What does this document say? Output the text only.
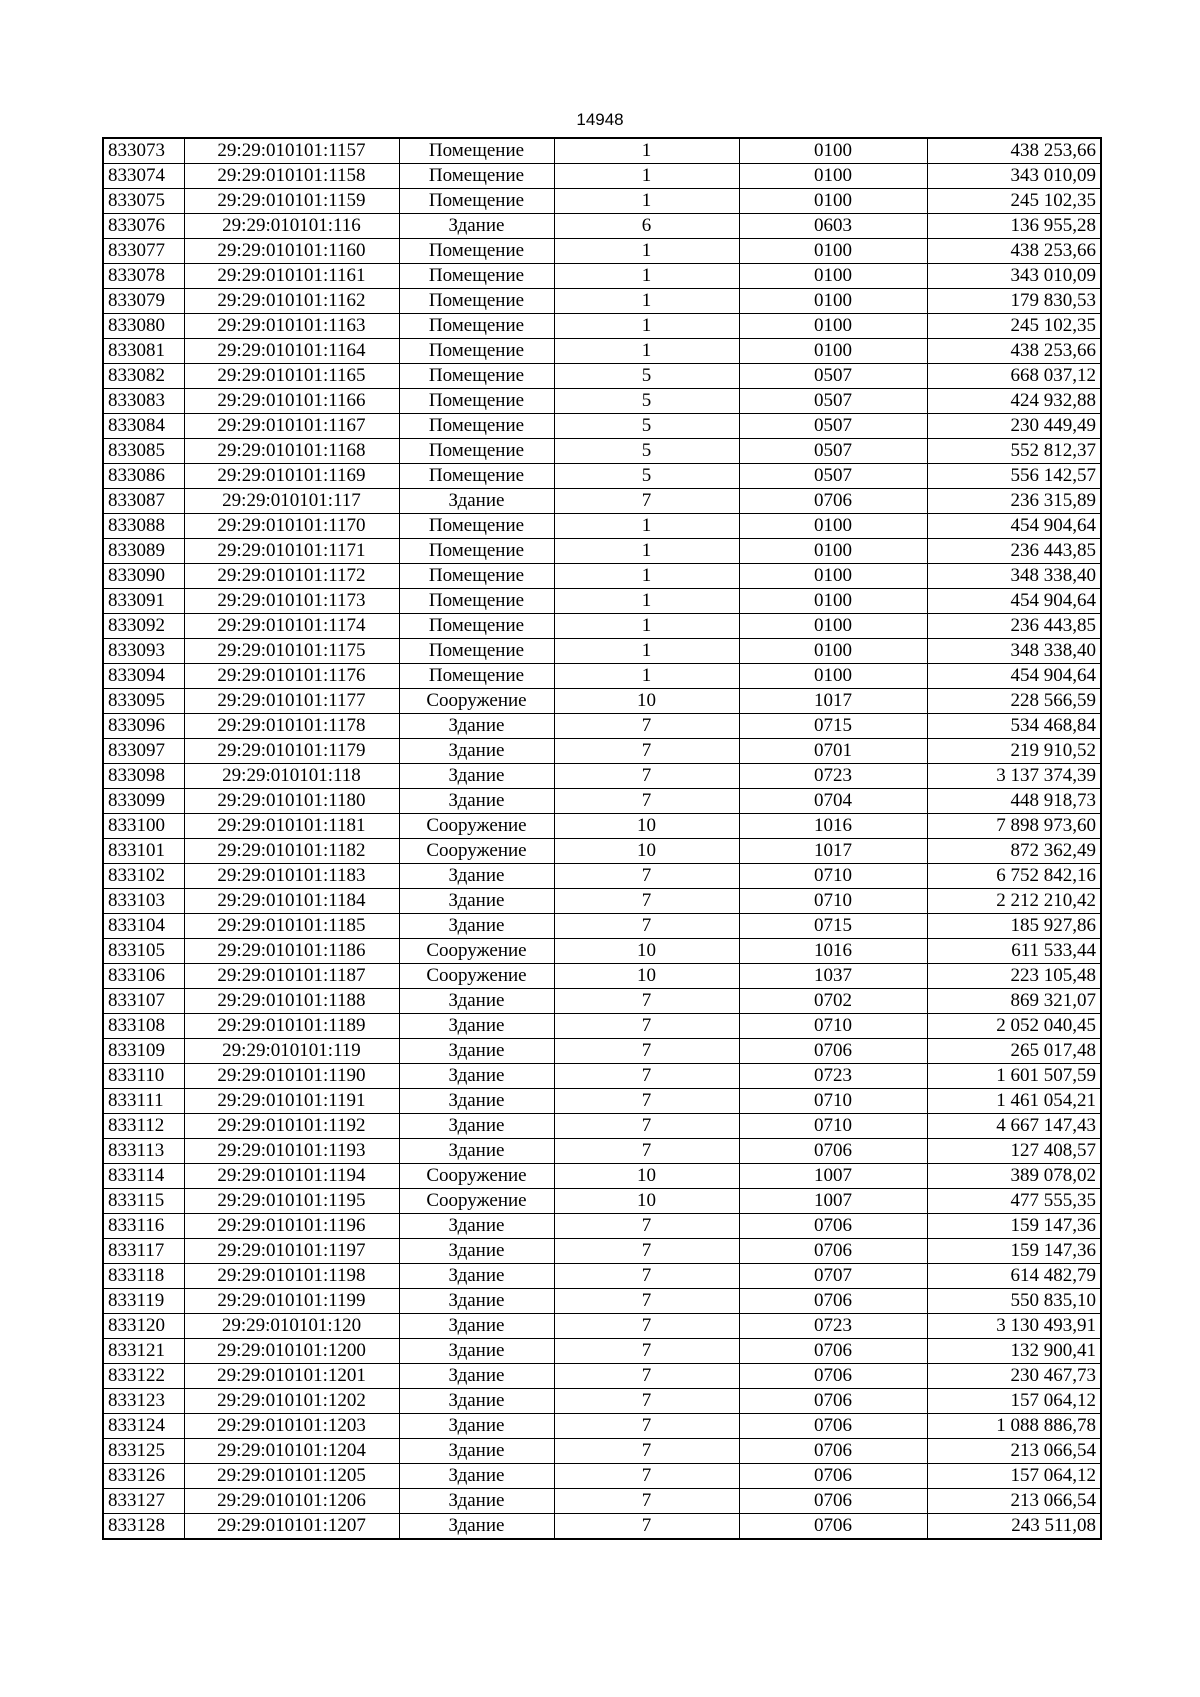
14948
833073	29:29:010101:1157	Помещение	1	0100	438 253,66
833074	29:29:010101:1158	Помещение	1	0100	343 010,09
833075	29:29:010101:1159	Помещение	1	0100	245 102,35
833076	29:29:010101:116	Здание	6	0603	136 955,28
833077	29:29:010101:1160	Помещение	1	0100	438 253,66
833078	29:29:010101:1161	Помещение	1	0100	343 010,09
833079	29:29:010101:1162	Помещение	1	0100	179 830,53
833080	29:29:010101:1163	Помещение	1	0100	245 102,35
833081	29:29:010101:1164	Помещение	1	0100	438 253,66
833082	29:29:010101:1165	Помещение	5	0507	668 037,12
833083	29:29:010101:1166	Помещение	5	0507	424 932,88
833084	29:29:010101:1167	Помещение	5	0507	230 449,49
833085	29:29:010101:1168	Помещение	5	0507	552 812,37
833086	29:29:010101:1169	Помещение	5	0507	556 142,57
833087	29:29:010101:117	Здание	7	0706	236 315,89
833088	29:29:010101:1170	Помещение	1	0100	454 904,64
833089	29:29:010101:1171	Помещение	1	0100	236 443,85
833090	29:29:010101:1172	Помещение	1	0100	348 338,40
833091	29:29:010101:1173	Помещение	1	0100	454 904,64
833092	29:29:010101:1174	Помещение	1	0100	236 443,85
833093	29:29:010101:1175	Помещение	1	0100	348 338,40
833094	29:29:010101:1176	Помещение	1	0100	454 904,64
833095	29:29:010101:1177	Сооружение	10	1017	228 566,59
833096	29:29:010101:1178	Здание	7	0715	534 468,84
833097	29:29:010101:1179	Здание	7	0701	219 910,52
833098	29:29:010101:118	Здание	7	0723	3 137 374,39
833099	29:29:010101:1180	Здание	7	0704	448 918,73
833100	29:29:010101:1181	Сооружение	10	1016	7 898 973,60
833101	29:29:010101:1182	Сооружение	10	1017	872 362,49
833102	29:29:010101:1183	Здание	7	0710	6 752 842,16
833103	29:29:010101:1184	Здание	7	0710	2 212 210,42
833104	29:29:010101:1185	Здание	7	0715	185 927,86
833105	29:29:010101:1186	Сооружение	10	1016	611 533,44
833106	29:29:010101:1187	Сооружение	10	1037	223 105,48
833107	29:29:010101:1188	Здание	7	0702	869 321,07
833108	29:29:010101:1189	Здание	7	0710	2 052 040,45
833109	29:29:010101:119	Здание	7	0706	265 017,48
833110	29:29:010101:1190	Здание	7	0723	1 601 507,59
833111	29:29:010101:1191	Здание	7	0710	1 461 054,21
833112	29:29:010101:1192	Здание	7	0710	4 667 147,43
833113	29:29:010101:1193	Здание	7	0706	127 408,57
833114	29:29:010101:1194	Сооружение	10	1007	389 078,02
833115	29:29:010101:1195	Сооружение	10	1007	477 555,35
833116	29:29:010101:1196	Здание	7	0706	159 147,36
833117	29:29:010101:1197	Здание	7	0706	159 147,36
833118	29:29:010101:1198	Здание	7	0707	614 482,79
833119	29:29:010101:1199	Здание	7	0706	550 835,10
833120	29:29:010101:120	Здание	7	0723	3 130 493,91
833121	29:29:010101:1200	Здание	7	0706	132 900,41
833122	29:29:010101:1201	Здание	7	0706	230 467,73
833123	29:29:010101:1202	Здание	7	0706	157 064,12
833124	29:29:010101:1203	Здание	7	0706	1 088 886,78
833125	29:29:010101:1204	Здание	7	0706	213 066,54
833126	29:29:010101:1205	Здание	7	0706	157 064,12
833127	29:29:010101:1206	Здание	7	0706	213 066,54
833128	29:29:010101:1207	Здание	7	0706	243 511,08
